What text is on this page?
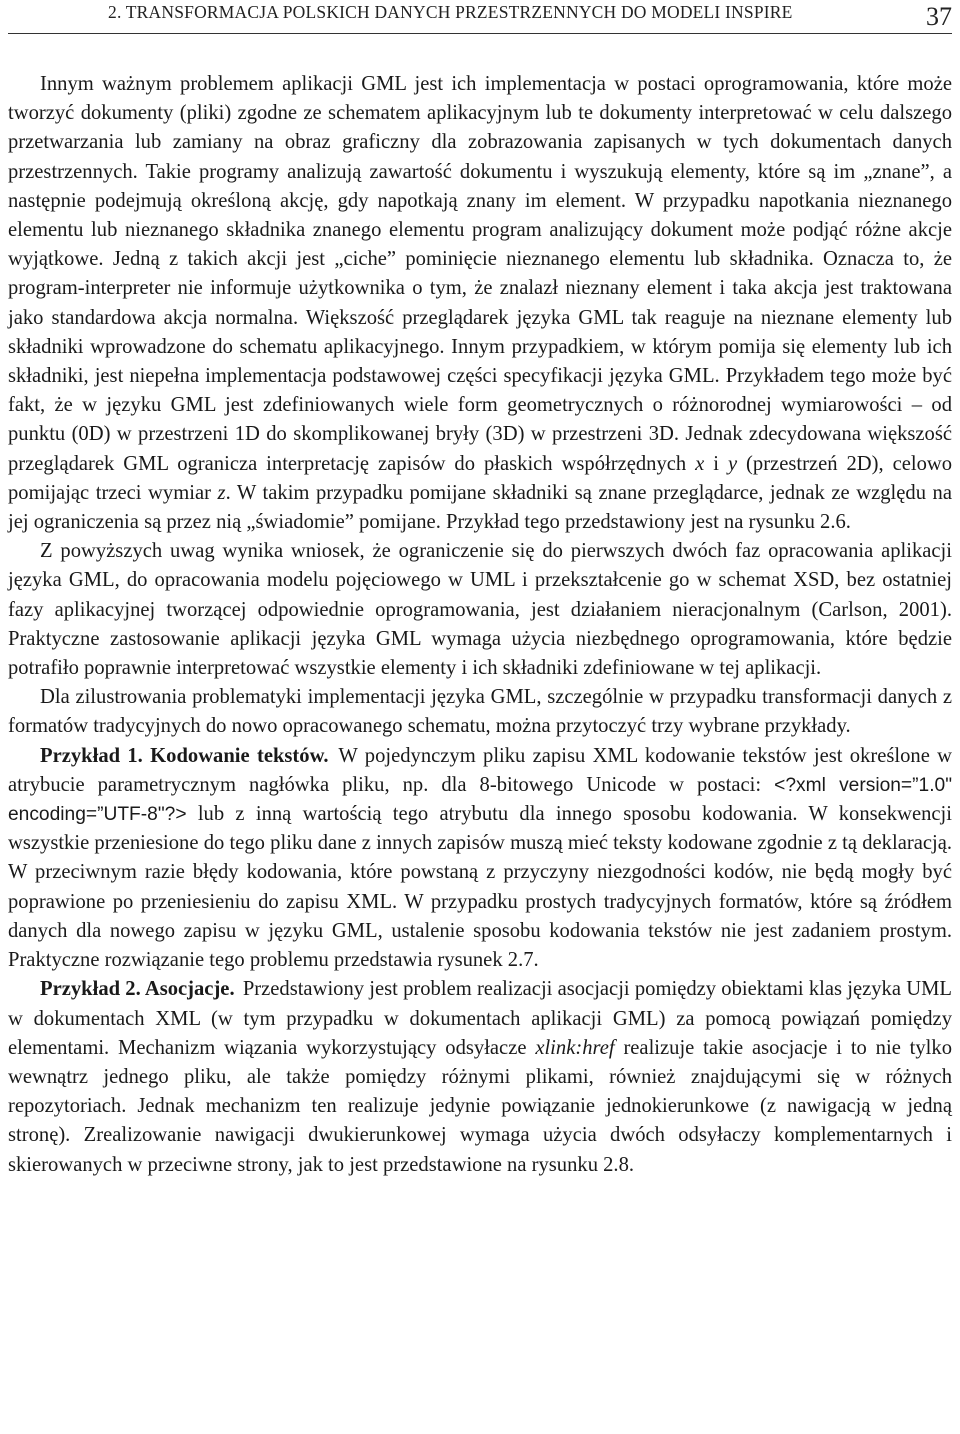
2. TRANSFORMACJA POLSKICH DANYCH PRZESTRZENNYCH DO MODELI INSPIRE	37

Innym ważnym problemem aplikacji GML jest ich implementacja w postaci oprogramowania, które może tworzyć dokumenty (pliki) zgodne ze schematem aplikacyjnym lub te dokumenty interpretować w celu dalszego przetwarzania lub zamiany na obraz graficzny dla zobrazowania zapisanych w tych dokumentach danych przestrzennych. Takie programy analizują zawartość dokumentu i wyszukują elementy, które są im „znane”, a następnie podejmują określoną akcję, gdy napotkają znany im element. W przypadku napotkania nieznanego elementu lub nieznanego składnika znanego elementu program analizujący dokument może podjąć różne akcje wyjątkowe. Jedną z takich akcji jest „ciche” pominięcie nieznanego elementu lub składnika. Oznacza to, że program-interpreter nie informuje użytkownika o tym, że znalazł nieznany element i taka akcja jest traktowana jako standardowa akcja normalna. Większość przeglądarek języka GML tak reaguje na nieznane elementy lub składniki wprowadzone do schematu aplikacyjnego. Innym przypadkiem, w którym pomija się elementy lub ich składniki, jest niepełna implementacja podstawowej części specyfikacji języka GML. Przykładem tego może być fakt, że w języku GML jest zdefiniowanych wiele form geometrycznych o różnorodnej wymiarowości – od punktu (0D) w przestrzeni 1D do skomplikowanej bryły (3D) w przestrzeni 3D. Jednak zdecydowana większość przeglądarek GML ogranicza interpretację zapisów do płaskich współrzędnych x i y (przestrzeń 2D), celowo pomijając trzeci wymiar z. W takim przypadku pomijane składniki są znane przeglądarce, jednak ze względu na jej ograniczenia są przez nią „świadomie” pomijane. Przykład tego przedstawiony jest na rysunku 2.6.

Z powyższych uwag wynika wniosek, że ograniczenie się do pierwszych dwóch faz opracowania aplikacji języka GML, do opracowania modelu pojęciowego w UML i przekształcenie go w schemat XSD, bez ostatniej fazy aplikacyjnej tworzącej odpowiednie oprogramowania, jest działaniem nieracjonalnym (Carlson, 2001). Praktyczne zastosowanie aplikacji języka GML wymaga użycia niezbędnego oprogramowania, które będzie potrafiło poprawnie interpretować wszystkie elementy i ich składniki zdefiniowane w tej aplikacji.

Dla zilustrowania problematyki implementacji języka GML, szczególnie w przypadku transformacji danych z formatów tradycyjnych do nowo opracowanego schematu, można przytoczyć trzy wybrane przykłady.

Przykład 1. Kodowanie tekstów. W pojedynczym pliku zapisu XML kodowanie tekstów jest określone w atrybucie parametrycznym nagłówka pliku, np. dla 8-bitowego Unicode w postaci: <?xml version=”1.0" encoding=”UTF-8"?> lub z inną wartością tego atrybutu dla innego sposobu kodowania. W konsekwencji wszystkie przeniesione do tego pliku dane z innych zapisów muszą mieć teksty kodowane zgodnie z tą deklaracją. W przeciwnym razie błędy kodowania, które powstaną z przyczyny niezgodności kodów, nie będą mogły być poprawione po przeniesieniu do zapisu XML. W przypadku prostych tradycyjnych formatów, które są źródłem danych dla nowego zapisu w języku GML, ustalenie sposobu kodowania tekstów nie jest zadaniem prostym. Praktyczne rozwiązanie tego problemu przedstawia rysunek 2.7.

Przykład 2. Asocjacje. Przedstawiony jest problem realizacji asocjacji pomiędzy obiektami klas języka UML w dokumentach XML (w tym przypadku w dokumentach aplikacji GML) za pomocą powiązań pomiędzy elementami. Mechanizm wiązania wykorzystujący odsyłacze xlink:href realizuje takie asocjacje i to nie tylko wewnątrz jednego pliku, ale także pomiędzy różnymi plikami, również znajdującymi się w różnych repozytoriach. Jednak mechanizm ten realizuje jedynie powiązanie jednokierunkowe (z nawigacją w jedną stronę). Zrealizowanie nawigacji dwukierunkowej wymaga użycia dwóch odsyłaczy komplementarnych i skierowanych w przeciwne strony, jak to jest przedstawione na rysunku 2.8.
